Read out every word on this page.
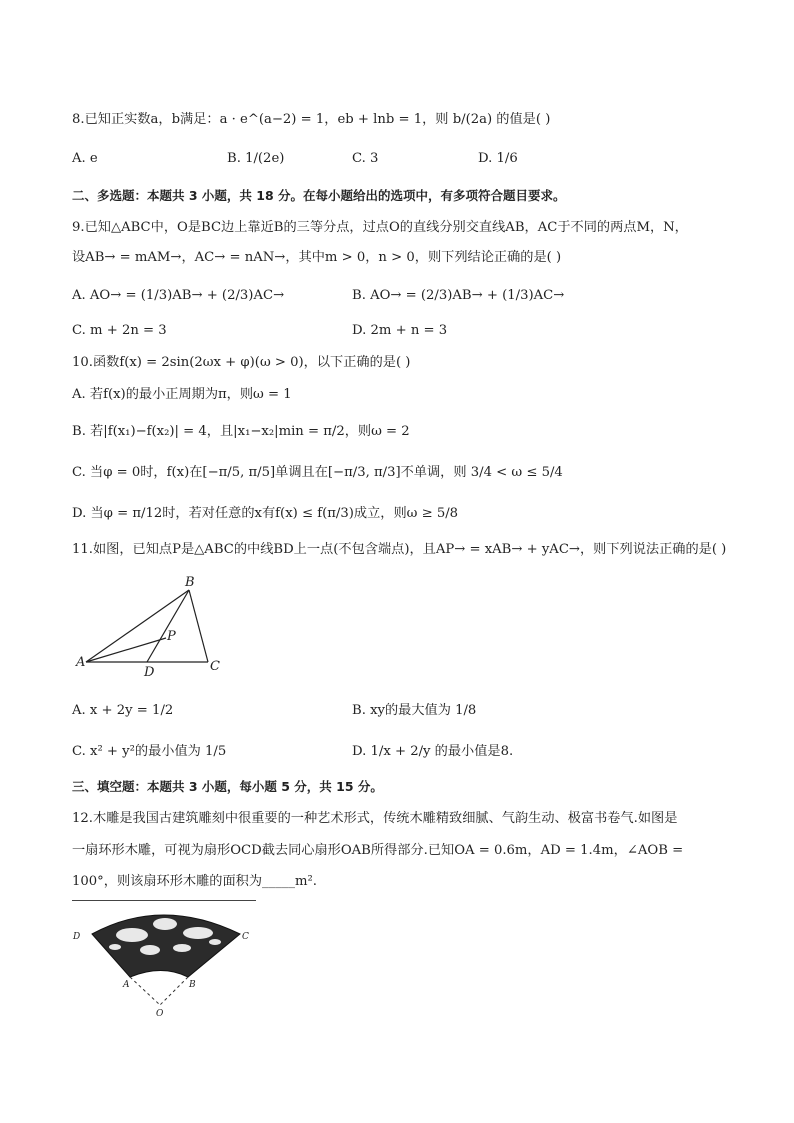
8.已知正实数a，b满足：a · e^(a−2) = 1，eb + lnb = 1，则 b/(2a) 的值是( )
A. e	B. 1/(2e)	C. 3	D. 1/6
二、多选题：本题共 3 小题，共 18 分。在每小题给出的选项中，有多项符合题目要求。
9.已知△ABC中，O是BC边上靠近B的三等分点，过点O的直线分别交直线AB，AC于不同的两点M，N，
设AB→ = mAM→，AC→ = nAN→，其中m > 0，n > 0，则下列结论正确的是( )
A. AO→ = (1/3)AB→ + (2/3)AC→	B. AO→ = (2/3)AB→ + (1/3)AC→
C. m + 2n = 3	D. 2m + n = 3
10.函数f(x) = 2sin(2ωx + φ)(ω > 0)，以下正确的是( )
A. 若f(x)的最小正周期为π，则ω = 1
B. 若|f(x₁)−f(x₂)| = 4，且|x₁−x₂|min = π/2，则ω = 2
C. 当φ = 0时，f(x)在[−π/5, π/5]单调且在[−π/3, π/3]不单调，则 3/4 < ω ≤ 5/4
D. 当φ = π/12时，若对任意的x有f(x) ≤ f(π/3)成立，则ω ≥ 5/8
11.如图，已知点P是△ABC的中线BD上一点(不包含端点)，且AP→ = xAB→ + yAC→，则下列说法正确的是( )
B
A	C
D
P
A. x + 2y = 1/2	B. xy的最大值为 1/8
C. x² + y²的最小值为 1/5	D. 1/x + 2/y 的最小值是8.
三、填空题：本题共 3 小题，每小题 5 分，共 15 分。
12.木雕是我国古建筑雕刻中很重要的一种艺术形式，传统木雕精致细腻、气韵生动、极富书卷气.如图是
一扇环形木雕，可视为扇形OCD截去同心扇形OAB所得部分.已知OA = 0.6m，AD = 1.4m，∠AOB =
100°，则该扇环形木雕的面积为_____m².
D	C
A	B
O
